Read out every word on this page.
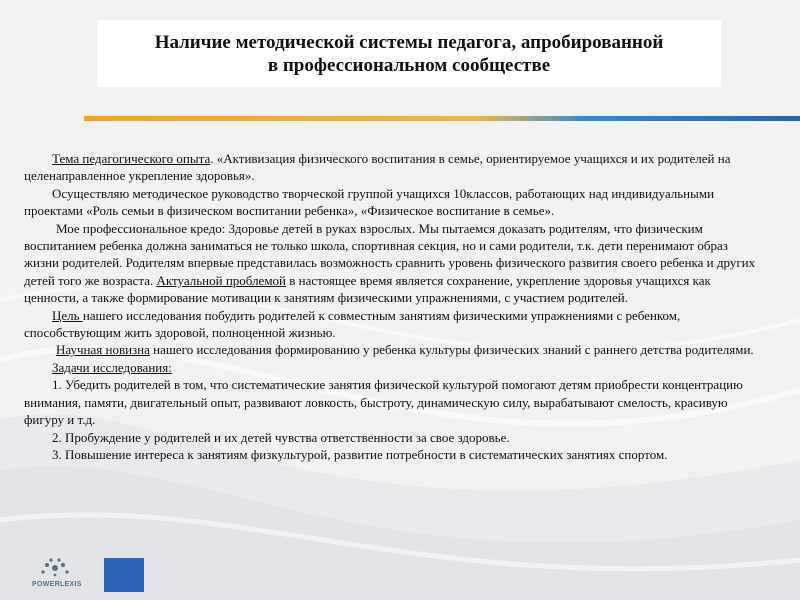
Наличие методической системы педагога, апробированной
в профессиональном сообществе

Тема педагогического опыта. «Активизация физического воспитания в семье, ориентируемое учащихся и их родителей на целенаправленное укрепление здоровья».

Осуществляю методическое руководство творческой группой учащихся 10классов, работающих над индивидуальными проектами «Роль семьи в физическом воспитании ребенка», «Физическое воспитание в семье».

Мое профессиональное кредо: Здоровье детей в руках взрослых. Мы пытаемся доказать родителям, что физическим воспитанием ребенка должна заниматься не только школа, спортивная секция, но и сами родители, т.к. дети перенимают образ жизни родителей. Родителям впервые представилась возможность сравнить уровень физического развития своего ребенка и других детей того же возраста. Актуальной проблемой в настоящее время является сохранение, укрепление здоровья учащихся как ценности, а также формирование мотивации к занятиям физическими упражнениями, с участием родителей.

Цель нашего исследования побудить родителей к совместным занятиям физическими упражнениями с ребенком, способствующим жить здоровой, полноценной жизнью.

Научная новизна нашего исследования формированию у ребенка культуры физических знаний с раннего детства родителями.

Задачи исследования:

1. Убедить родителей в том, что систематические занятия физической культурой помогают детям приобрести концентрацию внимания, памяти, двигательный опыт, развивают ловкость, быстроту, динамическую силу, вырабатывают смелость, красивую фигуру и т.д.

2. Пробуждение у родителей и их детей чувства ответственности за свое здоровье.

3. Повышение интереса к занятиям физкультурой, развитие потребности в систематических занятиях спортом.

POWERLEXIS
